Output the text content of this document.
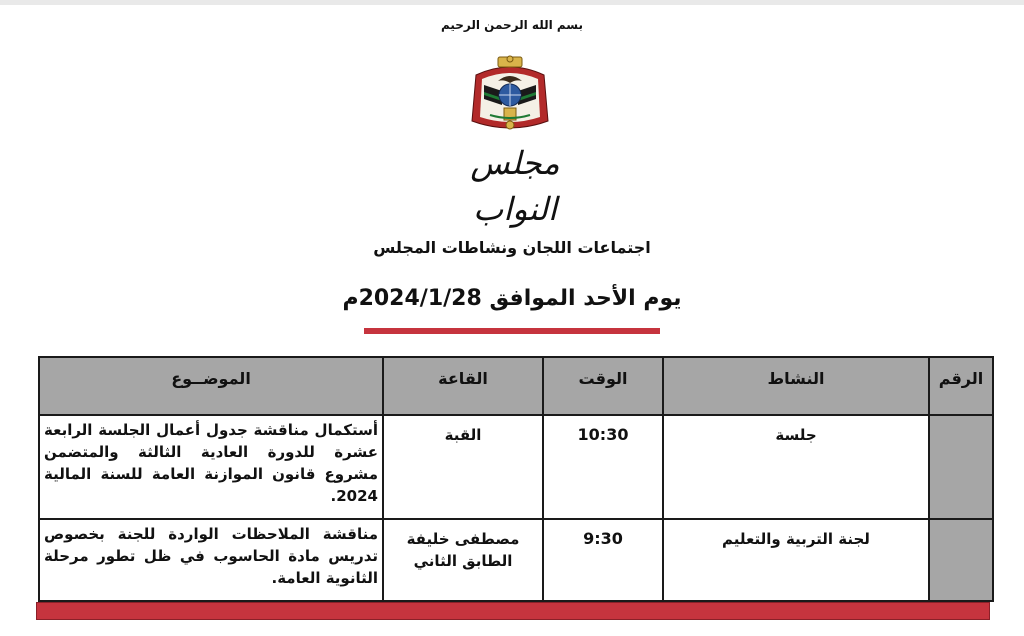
بسم الله الرحمن الرحيم
مجلس النواب
اجتماعات اللجان ونشاطات المجلس
يوم الأحد الموافق 2024/1/28م
الرقم	النشاط	الوقت	القاعة	الموضــوع
	جلسة	10:30	القبة	أستكمال مناقشة جدول أعمال الجلسة الرابعة عشرة للدورة العادية الثالثة والمتضمن مشروع قانون الموازنة العامة للسنة المالية 2024.
	لجنة التربية والتعليم	9:30	مصطفى خليفة الطابق الثاني	مناقشة الملاحظات الواردة للجنة بخصوص تدريس مادة الحاسوب في ظل تطور مرحلة الثانوية العامة.
